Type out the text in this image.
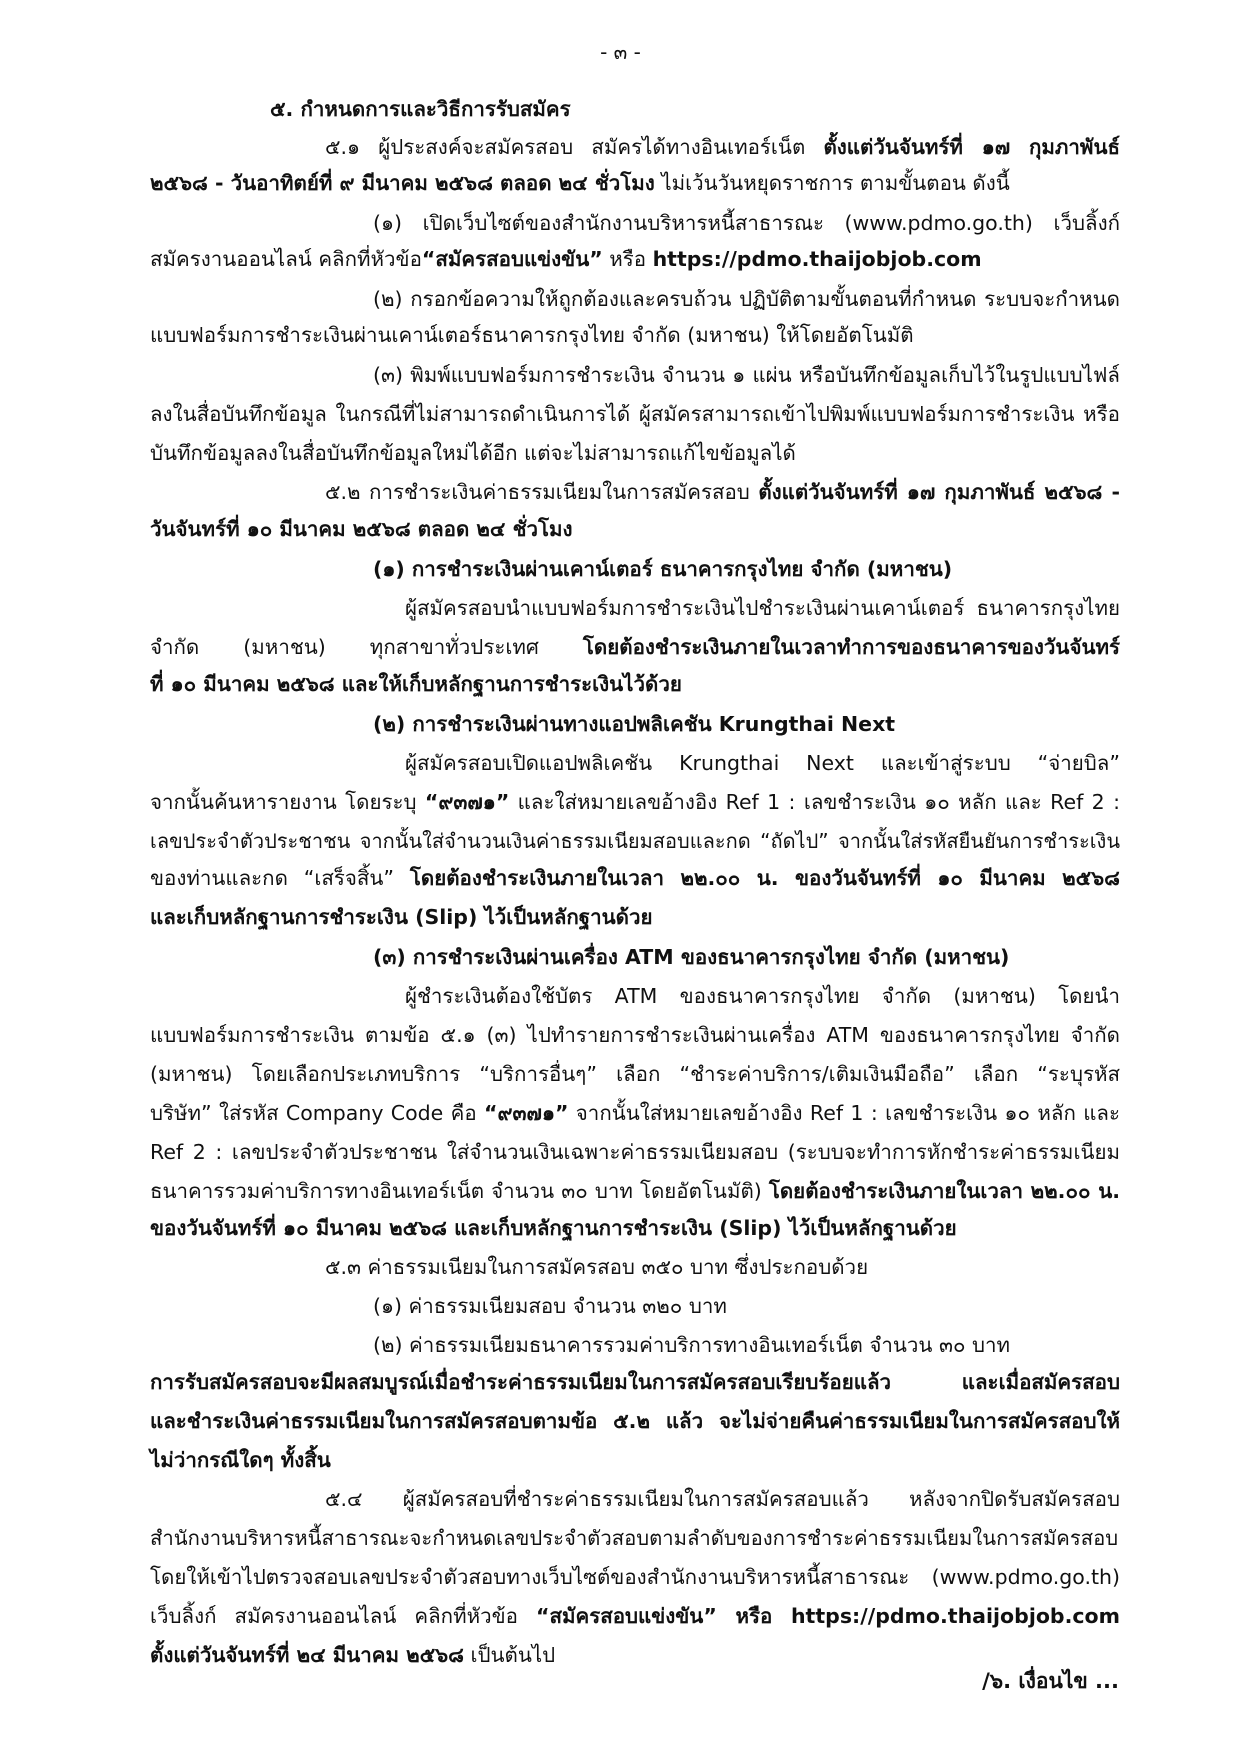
- ๓ -

๕. กำหนดการและวิธีการรับสมัคร

๕.๑ ผู้ประสงค์จะสมัครสอบ สมัครได้ทางอินเทอร์เน็ต ตั้งแต่วันจันทร์ที่ ๑๗ กุมภาพันธ์

๒๕๖๘ - วันอาทิตย์ที่ ๙ มีนาคม ๒๕๖๘ ตลอด ๒๔ ชั่วโมง ไม่เว้นวันหยุดราชการ ตามขั้นตอน ดังนี้

(๑) เปิดเว็บไซต์ของสำนักงานบริหารหนี้สาธารณะ (www.pdmo.go.th) เว็บลิ้งก์

สมัครงานออนไลน์ คลิกที่หัวข้อ“สมัครสอบแข่งขัน” หรือ https://pdmo.thaijobjob.com

(๒) กรอกข้อความให้ถูกต้องและครบถ้วน ปฏิบัติตามขั้นตอนที่กำหนด ระบบจะกำหนด

แบบฟอร์มการชำระเงินผ่านเคาน์เตอร์ธนาคารกรุงไทย จำกัด (มหาชน) ให้โดยอัตโนมัติ

(๓) พิมพ์แบบฟอร์มการชำระเงิน จำนวน ๑ แผ่น หรือบันทึกข้อมูลเก็บไว้ในรูปแบบไฟล์

ลงในสื่อบันทึกข้อมูล ในกรณีที่ไม่สามารถดำเนินการได้ ผู้สมัครสามารถเข้าไปพิมพ์แบบฟอร์มการชำระเงิน หรือ

บันทึกข้อมูลลงในสื่อบันทึกข้อมูลใหม่ได้อีก แต่จะไม่สามารถแก้ไขข้อมูลได้

๕.๒ การชำระเงินค่าธรรมเนียมในการสมัครสอบ ตั้งแต่วันจันทร์ที่ ๑๗ กุมภาพันธ์ ๒๕๖๘ -

วันจันทร์ที่ ๑๐ มีนาคม ๒๕๖๘ ตลอด ๒๔ ชั่วโมง

(๑) การชำระเงินผ่านเคาน์เตอร์ ธนาคารกรุงไทย จำกัด (มหาชน)

ผู้สมัครสอบนำแบบฟอร์มการชำระเงินไปชำระเงินผ่านเคาน์เตอร์ ธนาคารกรุงไทย

จำกัด (มหาชน) ทุกสาขาทั่วประเทศ โดยต้องชำระเงินภายในเวลาทำการของธนาคารของวันจันทร์

ที่ ๑๐ มีนาคม ๒๕๖๘ และให้เก็บหลักฐานการชำระเงินไว้ด้วย

(๒) การชำระเงินผ่านทางแอปพลิเคชัน Krungthai Next

ผู้สมัครสอบเปิดแอปพลิเคชัน Krungthai Next และเข้าสู่ระบบ “จ่ายบิล”

จากนั้นค้นหารายงาน โดยระบุ “๙๓๗๑” และใส่หมายเลขอ้างอิง Ref 1 : เลขชำระเงิน ๑๐ หลัก และ Ref 2 :

เลขประจำตัวประชาชน จากนั้นใส่จำนวนเงินค่าธรรมเนียมสอบและกด “ถัดไป” จากนั้นใส่รหัสยืนยันการชำระเงิน

ของท่านและกด “เสร็จสิ้น” โดยต้องชำระเงินภายในเวลา ๒๒.๐๐ น. ของวันจันทร์ที่ ๑๐ มีนาคม ๒๕๖๘

และเก็บหลักฐานการชำระเงิน (Slip) ไว้เป็นหลักฐานด้วย

(๓) การชำระเงินผ่านเครื่อง ATM ของธนาคารกรุงไทย จำกัด (มหาชน)

ผู้ชำระเงินต้องใช้บัตร ATM ของธนาคารกรุงไทย จำกัด (มหาชน) โดยนำ

แบบฟอร์มการชำระเงิน ตามข้อ ๕.๑ (๓) ไปทำรายการชำระเงินผ่านเครื่อง ATM ของธนาคารกรุงไทย จำกัด

(มหาชน) โดยเลือกประเภทบริการ “บริการอื่นๆ” เลือก “ชำระค่าบริการ/เติมเงินมือถือ” เลือก “ระบุรหัส

บริษัท” ใส่รหัส Company Code คือ “๙๓๗๑” จากนั้นใส่หมายเลขอ้างอิง Ref 1 : เลขชำระเงิน ๑๐ หลัก และ

Ref 2 : เลขประจำตัวประชาชน ใส่จำนวนเงินเฉพาะค่าธรรมเนียมสอบ (ระบบจะทำการหักชำระค่าธรรมเนียม

ธนาคารรวมค่าบริการทางอินเทอร์เน็ต จำนวน ๓๐ บาท โดยอัตโนมัติ) โดยต้องชำระเงินภายในเวลา ๒๒.๐๐ น.

ของวันจันทร์ที่ ๑๐ มีนาคม ๒๕๖๘ และเก็บหลักฐานการชำระเงิน (Slip) ไว้เป็นหลักฐานด้วย

๕.๓ ค่าธรรมเนียมในการสมัครสอบ ๓๕๐ บาท ซึ่งประกอบด้วย

(๑) ค่าธรรมเนียมสอบ จำนวน ๓๒๐ บาท

(๒) ค่าธรรมเนียมธนาคารรวมค่าบริการทางอินเทอร์เน็ต จำนวน ๓๐ บาท

การรับสมัครสอบจะมีผลสมบูรณ์เมื่อชำระค่าธรรมเนียมในการสมัครสอบเรียบร้อยแล้ว และเมื่อสมัครสอบ

และชำระเงินค่าธรรมเนียมในการสมัครสอบตามข้อ ๕.๒ แล้ว จะไม่จ่ายคืนค่าธรรมเนียมในการสมัครสอบให้

ไม่ว่ากรณีใดๆ ทั้งสิ้น

๕.๔ ผู้สมัครสอบที่ชำระค่าธรรมเนียมในการสมัครสอบแล้ว หลังจากปิดรับสมัครสอบ

สำนักงานบริหารหนี้สาธารณะจะกำหนดเลขประจำตัวสอบตามลำดับของการชำระค่าธรรมเนียมในการสมัครสอบ

โดยให้เข้าไปตรวจสอบเลขประจำตัวสอบทางเว็บไซต์ของสำนักงานบริหารหนี้สาธารณะ (www.pdmo.go.th)

เว็บลิ้งก์ สมัครงานออนไลน์ คลิกที่หัวข้อ “สมัครสอบแข่งขัน” หรือ https://pdmo.thaijobjob.com

ตั้งแต่วันจันทร์ที่ ๒๔ มีนาคม ๒๕๖๘ เป็นต้นไป

/๖. เงื่อนไข ...
